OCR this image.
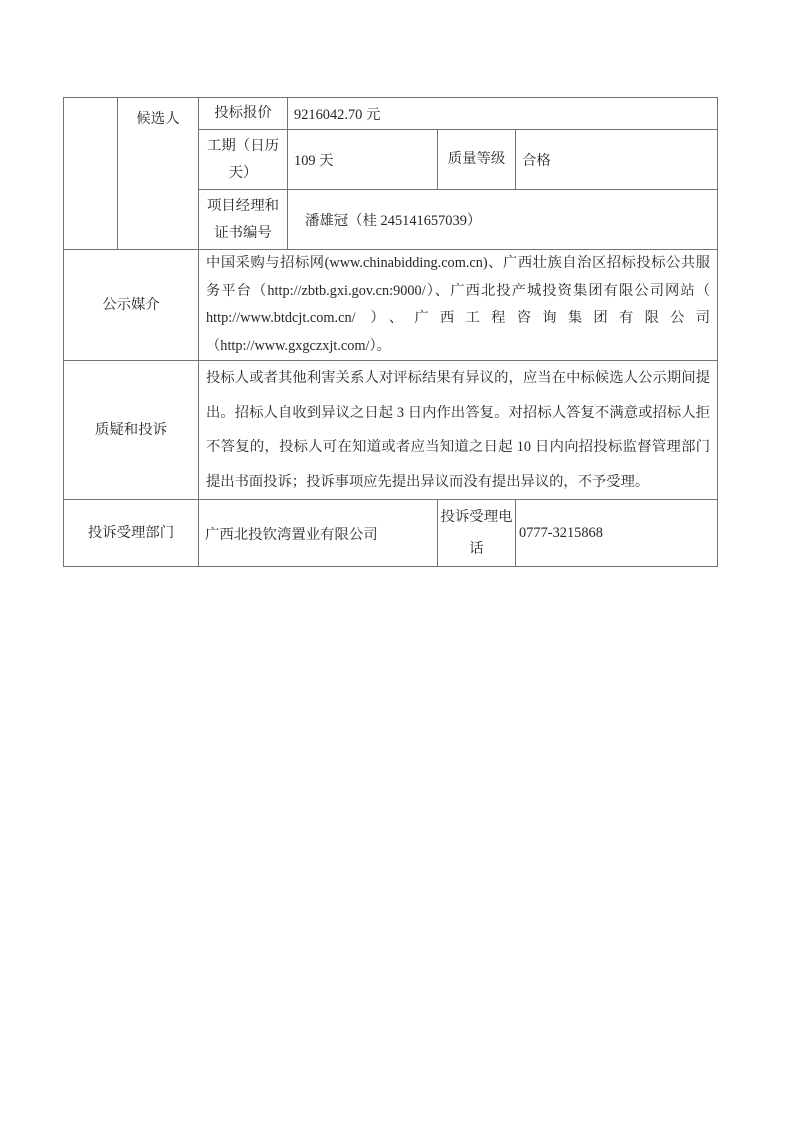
	候选人	投标报价	9216042.70 元		
		工期（日历天）	109 天	质量等级	合格
		项目经理和证书编号	潘雄冠（桂 245141657039）		
公示媒介		中国采购与招标网(www.chinabidding.com.cn)、广西壮族自治区招标投标公共服务平台（http://zbtb.gxi.gov.cn:9000/）、广西北投产城投资集团有限公司网站（ http://www.btdcjt.com.cn/ ）、广西工程咨询集团有限公司（http://www.gxgczxjt.com/）。			
质疑和投诉		投标人或者其他利害关系人对评标结果有异议的，应当在中标候选人公示期间提出。招标人自收到异议之日起 3 日内作出答复。对招标人答复不满意或招标人拒不答复的，投标人可在知道或者应当知道之日起 10 日内向招投标监督管理部门提出书面投诉；投诉事项应先提出异议而没有提出异议的，不予受理。			
投诉受理部门		广西北投钦湾置业有限公司		投诉受理电话	0777-3215868
